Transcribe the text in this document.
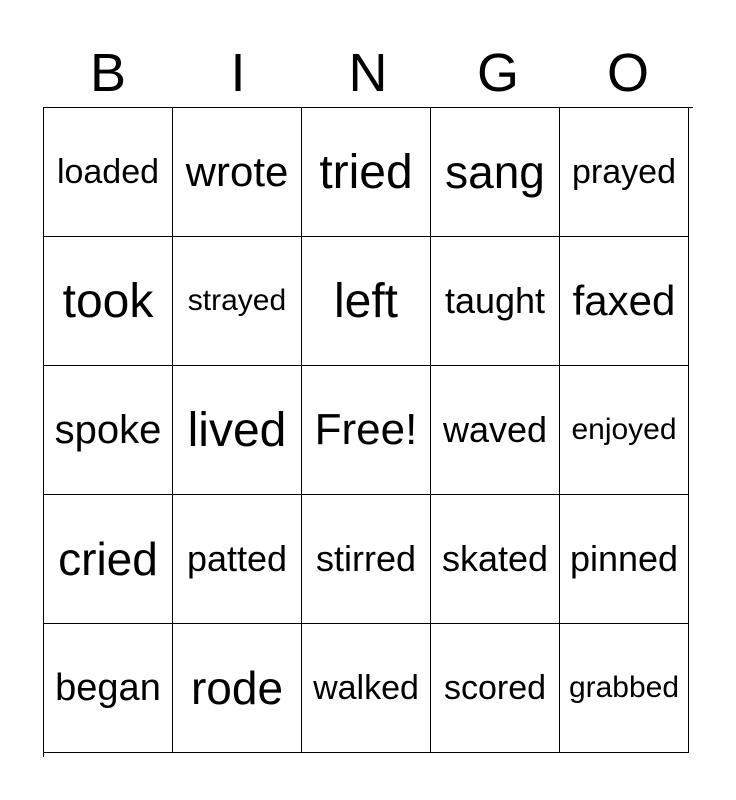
B	I	N	G	O
loaded wrote tried sang prayed
took	strayed left	taught faxed
spoke lived Free! waved enjoyed
cried patted stirred skated pinned
began rode walked scored grabbed
